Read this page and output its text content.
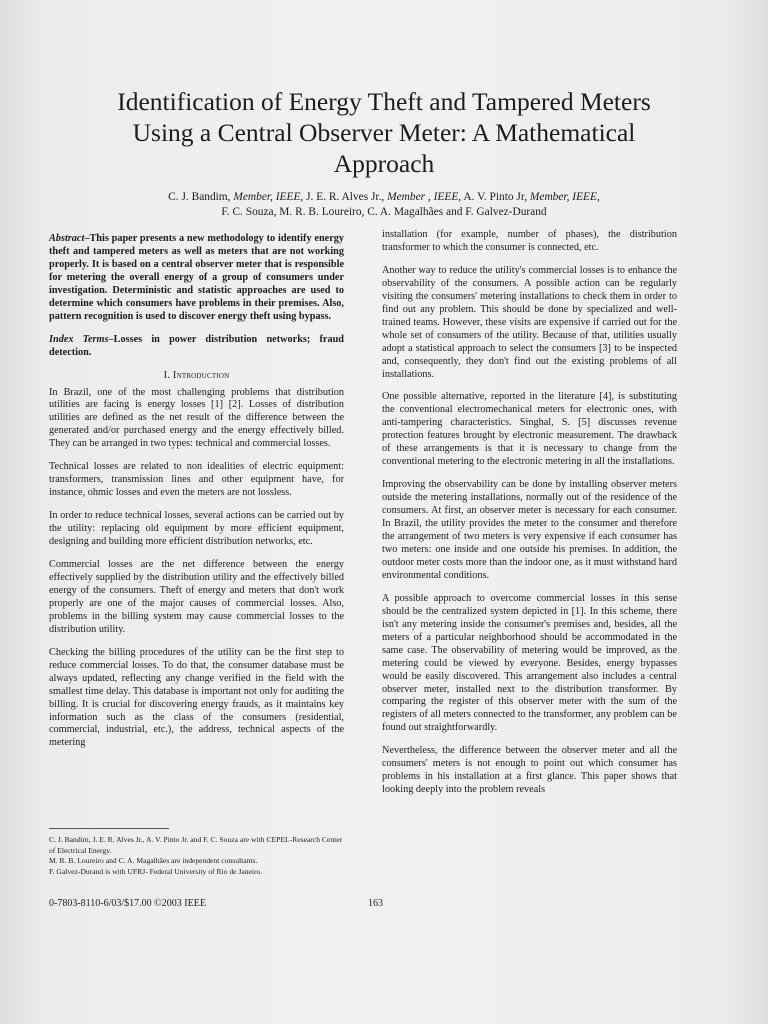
Identification of Energy Theft and Tampered Meters
Using a Central Observer Meter: A Mathematical
Approach
C. J. Bandim, Member, IEEE, J. E. R. Alves Jr., Member , IEEE, A. V. Pinto Jr, Member, IEEE,
F. C. Souza, M. R. B. Loureiro, C. A. Magalhães and F. Galvez-Durand

Abstract–This paper presents a new methodology to identify energy theft and tampered meters as well as meters that are not working properly. It is based on a central observer meter that is responsible for metering the overall energy of a group of consumers under investigation. Deterministic and statistic approaches are used to determine which consumers have problems in their premises. Also, pattern recognition is used to discover energy theft using bypass.

Index Terms–Losses in power distribution networks; fraud detection.

I. Introduction

In Brazil, one of the most challenging problems that distribution utilities are facing is energy losses [1] [2]. Losses of distribution utilities are defined as the net result of the difference between the generated and/or purchased energy and the energy effectively billed. They can be arranged in two types: technical and commercial losses.

Technical losses are related to non idealities of electric equipment: transformers, transmission lines and other equipment have, for instance, ohmic losses and even the meters are not lossless.

In order to reduce technical losses, several actions can be carried out by the utility: replacing old equipment by more efficient equipment, designing and building more efficient distribution networks, etc.

Commercial losses are the net difference between the energy effectively supplied by the distribution utility and the effectively billed energy of the consumers. Theft of energy and meters that don't work properly are one of the major causes of commercial losses. Also, problems in the billing system may cause commercial losses to the distribution utility.

Checking the billing procedures of the utility can be the first step to reduce commercial losses. To do that, the consumer database must be always updated, reflecting any change verified in the field with the smallest time delay. This database is important not only for auditing the billing. It is crucial for discovering energy frauds, as it maintains key information such as the class of the consumers (residential, commercial, industrial, etc.), the address, technical aspects of the metering

installation (for example, number of phases), the distribution transformer to which the consumer is connected, etc.

Another way to reduce the utility's commercial losses is to enhance the observability of the consumers. A possible action can be regularly visiting the consumers' metering installations to check them in order to find out any problem. This should be done by specialized and well-trained teams. However, these visits are expensive if carried out for the whole set of consumers of the utility. Because of that, utilities usually adopt a statistical approach to select the consumers [3] to be inspected and, consequently, they don't find out the existing problems of all installations.

One possible alternative, reported in the literature [4], is substituting the conventional electromechanical meters for electronic ones, with anti-tampering characteristics. Singhal, S. [5] discusses revenue protection features brought by electronic measurement. The drawback of these arrangements is that it is necessary to change from the conventional metering to the electronic metering in all the installations.

Improving the observability can be done by installing observer meters outside the metering installations, normally out of the residence of the consumers. At first, an observer meter is necessary for each consumer. In Brazil, the utility provides the meter to the consumer and therefore the arrangement of two meters is very expensive if each consumer has two meters: one inside and one outside his premises. In addition, the outdoor meter costs more than the indoor one, as it must withstand hard environmental conditions.

A possible approach to overcome commercial losses in this sense should be the centralized system depicted in [1]. In this scheme, there isn't any metering inside the consumer's premises and, besides, all the meters of a particular neighborhood should be accommodated in the same case. The observability of metering would be improved, as the metering could be viewed by everyone. Besides, energy bypasses would be easily discovered. This arrangement also includes a central observer meter, installed next to the distribution transformer. By comparing the register of this observer meter with the sum of the registers of all meters connected to the transformer, any problem can be found out straightforwardly.

Nevertheless, the difference between the observer meter and all the consumers' meters is not enough to point out which consumer has problems in his installation at a first glance. This paper shows that looking deeply into the problem reveals

C. J. Bandim, J. E. R. Alves Jr., A. V. Pinto Jr. and F. C. Souza are with CEPEL-Research Center of Electrical Energy.
M. R. B. Loureiro and C. A. Magalhães are independent consultants.
F. Galvez-Durand is with UFRJ- Federal University of Rio de Janeiro.
0-7803-8110-6/03/$17.00 ©2003 IEEE	163
